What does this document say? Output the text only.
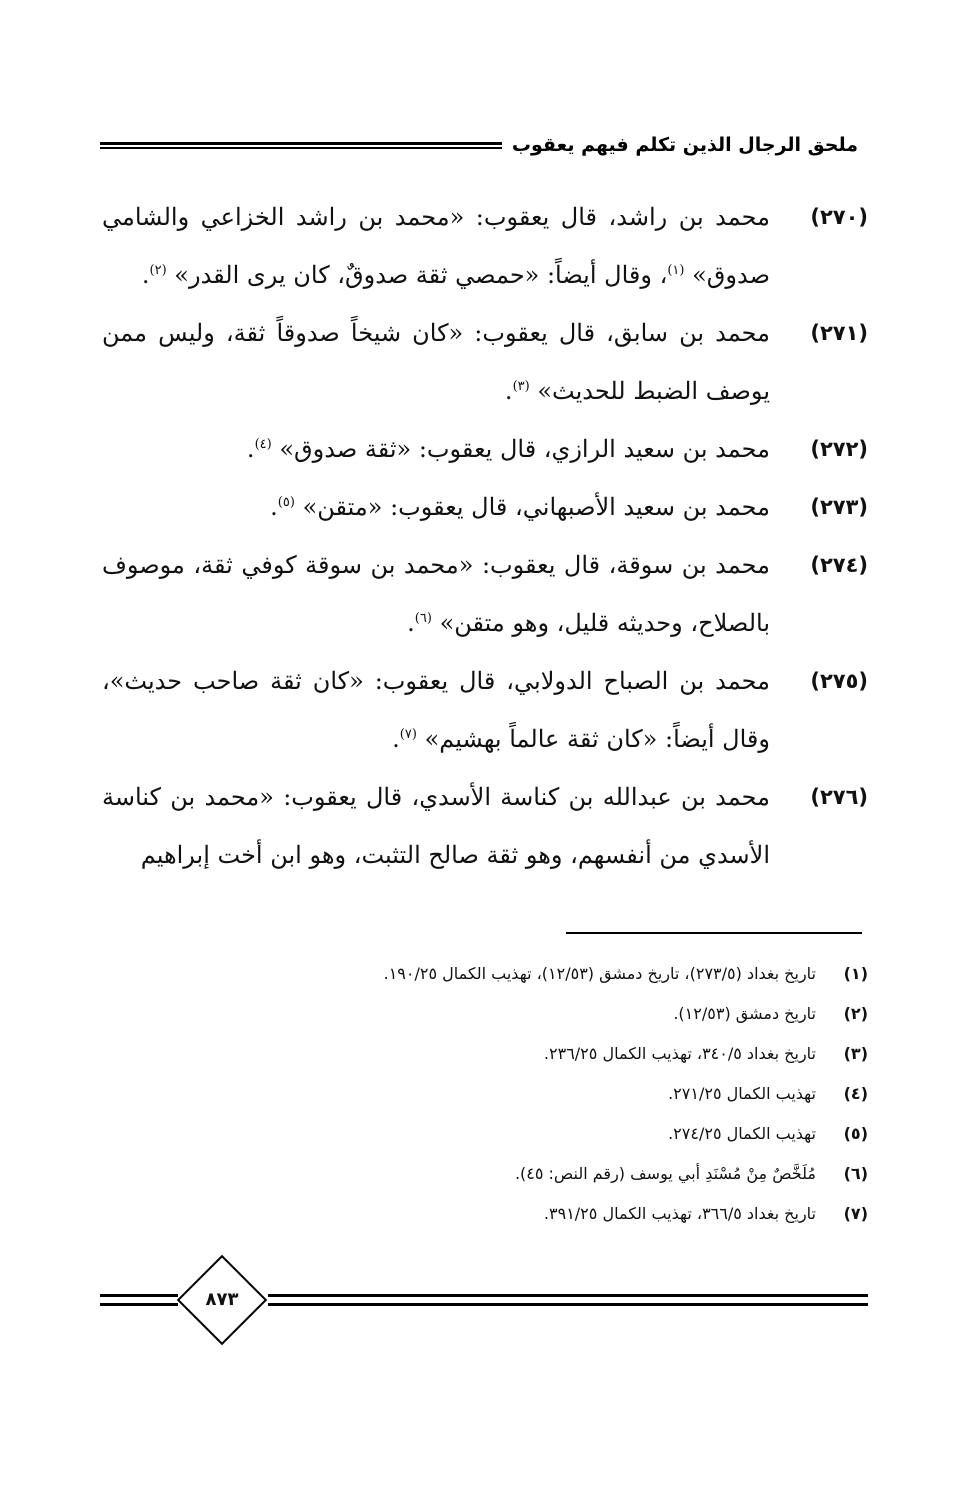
ملحق الرجال الذين تكلم فيهم يعقوب
(٢٧٠)
محمد بن راشد، قال يعقوب: «محمد بن راشد الخزاعي والشامي صدوق» $^{(١)}$، وقال أيضاً: «حمصي ثقة صدوقٌ، كان يرى القدر» $^{(٢)}$.
(٢٧١)
محمد بن سابق، قال يعقوب: «كان شيخاً صدوقاً ثقة، وليس ممن يوصف الضبط للحديث» $^{(٣)}$.
(٢٧٢)
محمد بن سعيد الرازي، قال يعقوب: «ثقة صدوق» $^{(٤)}$.
(٢٧٣)
محمد بن سعيد الأصبهاني، قال يعقوب: «متقن» $^{(٥)}$.
(٢٧٤)
محمد بن سوقة، قال يعقوب: «محمد بن سوقة كوفي ثقة، موصوف بالصلاح، وحديثه قليل، وهو متقن» $^{(٦)}$.
(٢٧٥)
محمد بن الصباح الدولابي، قال يعقوب: «كان ثقة صاحب حديث»، وقال أيضاً: «كان ثقة عالماً بهشيم» $^{(٧)}$.
(٢٧٦)
محمد بن عبدالله بن كناسة الأسدي، قال يعقوب: «محمد بن كناسة الأسدي من أنفسهم، وهو ثقة صالح التثبت، وهو ابن أخت إبراهيم
(١)
تاريخ بغداد (٢٧٣/٥)، تاريخ دمشق (١٢/٥٣)، تهذيب الكمال ١٩٠/٢٥.
(٢)
تاريخ دمشق (١٢/٥٣).
(٣)
تاريخ بغداد ٣٤٠/٥، تهذيب الكمال ٢٣٦/٢٥.
(٤)
تهذيب الكمال ٢٧١/٢٥.
(٥)
تهذيب الكمال ٢٧٤/٢٥.
(٦)
مُلَخَّصٌ مِنْ مُسْنَدِ أبي يوسف (رقم النص: ٤٥).
(٧)
تاريخ بغداد ٣٦٦/٥، تهذيب الكمال ٣٩١/٢٥.
٨٧٣
